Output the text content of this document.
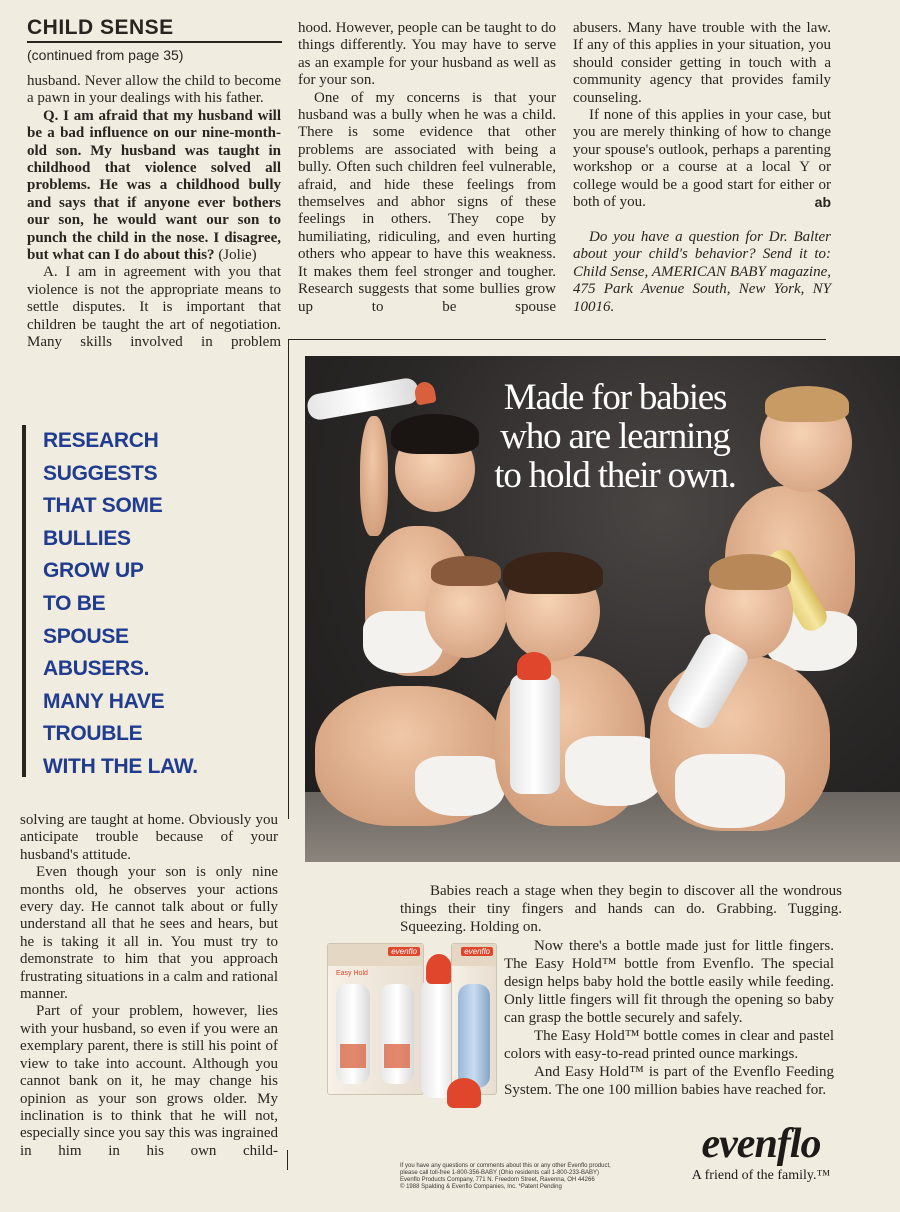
CHILD SENSE
(continued from page 35)

husband. Never allow the child to become a pawn in your dealings with his father.

Q. I am afraid that my husband will be a bad influence on our nine-month-old son. My husband was taught in childhood that violence solved all problems. He was a childhood bully and says that if anyone ever bothers our son, he would want our son to punch the child in the nose. I disagree, but what can I do about this? (Jolie)

A. I am in agreement with you that violence is not the appropriate means to settle disputes. It is important that children be taught the art of negotiation. Many skills involved in problem

RESEARCH
SUGGESTS
THAT SOME
BULLIES
GROW UP
TO BE
SPOUSE
ABUSERS.
MANY HAVE
TROUBLE
WITH THE LAW.

solving are taught at home. Obviously you anticipate trouble because of your husband's attitude.

Even though your son is only nine months old, he observes your actions every day. He cannot talk about or fully understand all that he sees and hears, but he is taking it all in. You must try to demonstrate to him that you approach frustrating situations in a calm and rational manner.

Part of your problem, however, lies with your husband, so even if you were an exemplary parent, there is still his point of view to take into account. Although you cannot bank on it, he may change his opinion as your son grows older. My inclination is to think that he will not, especially since you say this was ingrained in him in his own child-

hood. However, people can be taught to do things differently. You may have to serve as an example for your husband as well as for your son.

One of my concerns is that your husband was a bully when he was a child. There is some evidence that other problems are associated with being a bully. Often such children feel vulnerable, afraid, and hide these feelings from themselves and abhor signs of these feelings in others. They cope by humiliating, ridiculing, and even hurting others who appear to have this weakness. It makes them feel stronger and tougher. Research suggests that some bullies grow up to be spouse

abusers. Many have trouble with the law. If any of this applies in your situation, you should consider getting in touch with a community agency that provides family counseling.

If none of this applies in your case, but you are merely thinking of how to change your spouse's outlook, perhaps a parenting workshop or a course at a local Y or college would be a good start for either or both of you.	ab

Do you have a question for Dr. Balter about your child's behavior? Send it to: Child Sense, AMERICAN BABY magazine, 475 Park Avenue South, New York, NY 10016.

Made for babies
who are learning
to hold their own.

Babies reach a stage when they begin to discover all the wondrous things their tiny fingers and hands can do. Grabbing. Tugging. Squeezing. Holding on.

Now there's a bottle made just for little fingers. The Easy Hold™ bottle from Evenflo. The special design helps baby hold the bottle easily while feeding. Only little fingers will fit through the opening so baby can grasp the bottle securely and safely.

The Easy Hold™ bottle comes in clear and pastel colors with easy-to-read printed ounce markings.

And Easy Hold™ is part of the Evenflo Feeding System. The one 100 million babies have reached for.

evenflo
Easy Hold
evenflo
If you have any questions or comments about this or any other Evenflo product,
please call toll-free 1-800-356-BABY (Ohio residents call 1-800-233-BABY)
Evenflo Products Company, 771 N. Freedom Street, Ravenna, OH 44266
© 1988 Spalding & Evenflo Companies, Inc. *Patent Pending
evenflo
A friend of the family.™
